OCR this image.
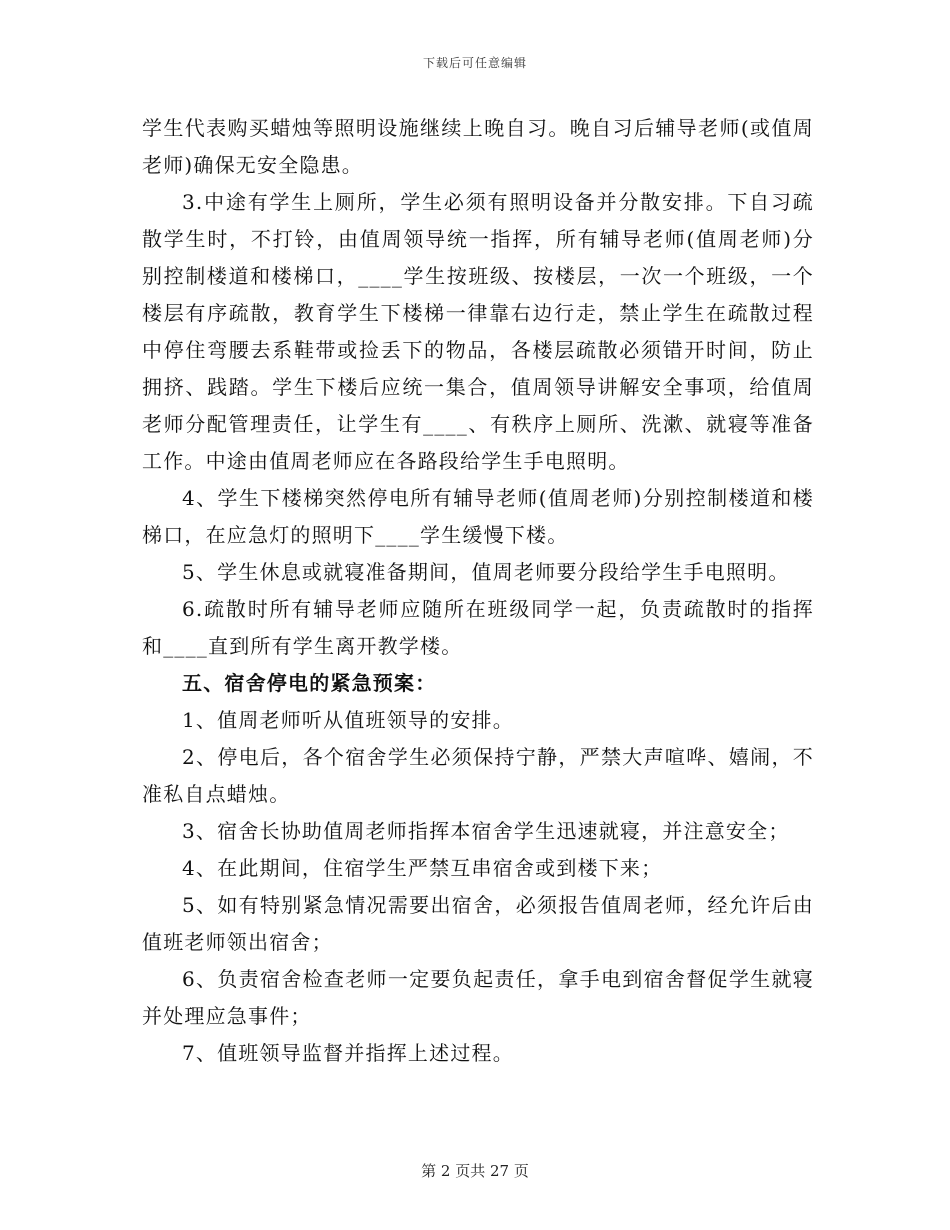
下载后可任意编辑

学生代表购买蜡烛等照明设施继续上晚自习。晚自习后辅导老师(或值周老师)确保无安全隐患。

3.中途有学生上厕所，学生必须有照明设备并分散安排。下自习疏散学生时，不打铃，由值周领导统一指挥，所有辅导老师(值周老师)分别控制楼道和楼梯口，____学生按班级、按楼层，一次一个班级，一个楼层有序疏散，教育学生下楼梯一律靠右边行走，禁止学生在疏散过程中停住弯腰去系鞋带或捡丢下的物品，各楼层疏散必须错开时间，防止拥挤、践踏。学生下楼后应统一集合，值周领导讲解安全事项，给值周老师分配管理责任，让学生有____、有秩序上厕所、洗漱、就寝等准备工作。中途由值周老师应在各路段给学生手电照明。

4、学生下楼梯突然停电所有辅导老师(值周老师)分别控制楼道和楼梯口，在应急灯的照明下____学生缓慢下楼。

5、学生休息或就寝准备期间，值周老师要分段给学生手电照明。

6.疏散时所有辅导老师应随所在班级同学一起，负责疏散时的指挥和____直到所有学生离开教学楼。

五、宿舍停电的紧急预案：

1、值周老师听从值班领导的安排。

2、停电后，各个宿舍学生必须保持宁静，严禁大声喧哗、嬉闹，不准私自点蜡烛。

3、宿舍长协助值周老师指挥本宿舍学生迅速就寝，并注意安全；

4、在此期间，住宿学生严禁互串宿舍或到楼下来；

5、如有特别紧急情况需要出宿舍，必须报告值周老师，经允许后由值班老师领出宿舍；

6、负责宿舍检查老师一定要负起责任，拿手电到宿舍督促学生就寝并处理应急事件；

7、值班领导监督并指挥上述过程。

第 2 页共 27 页
